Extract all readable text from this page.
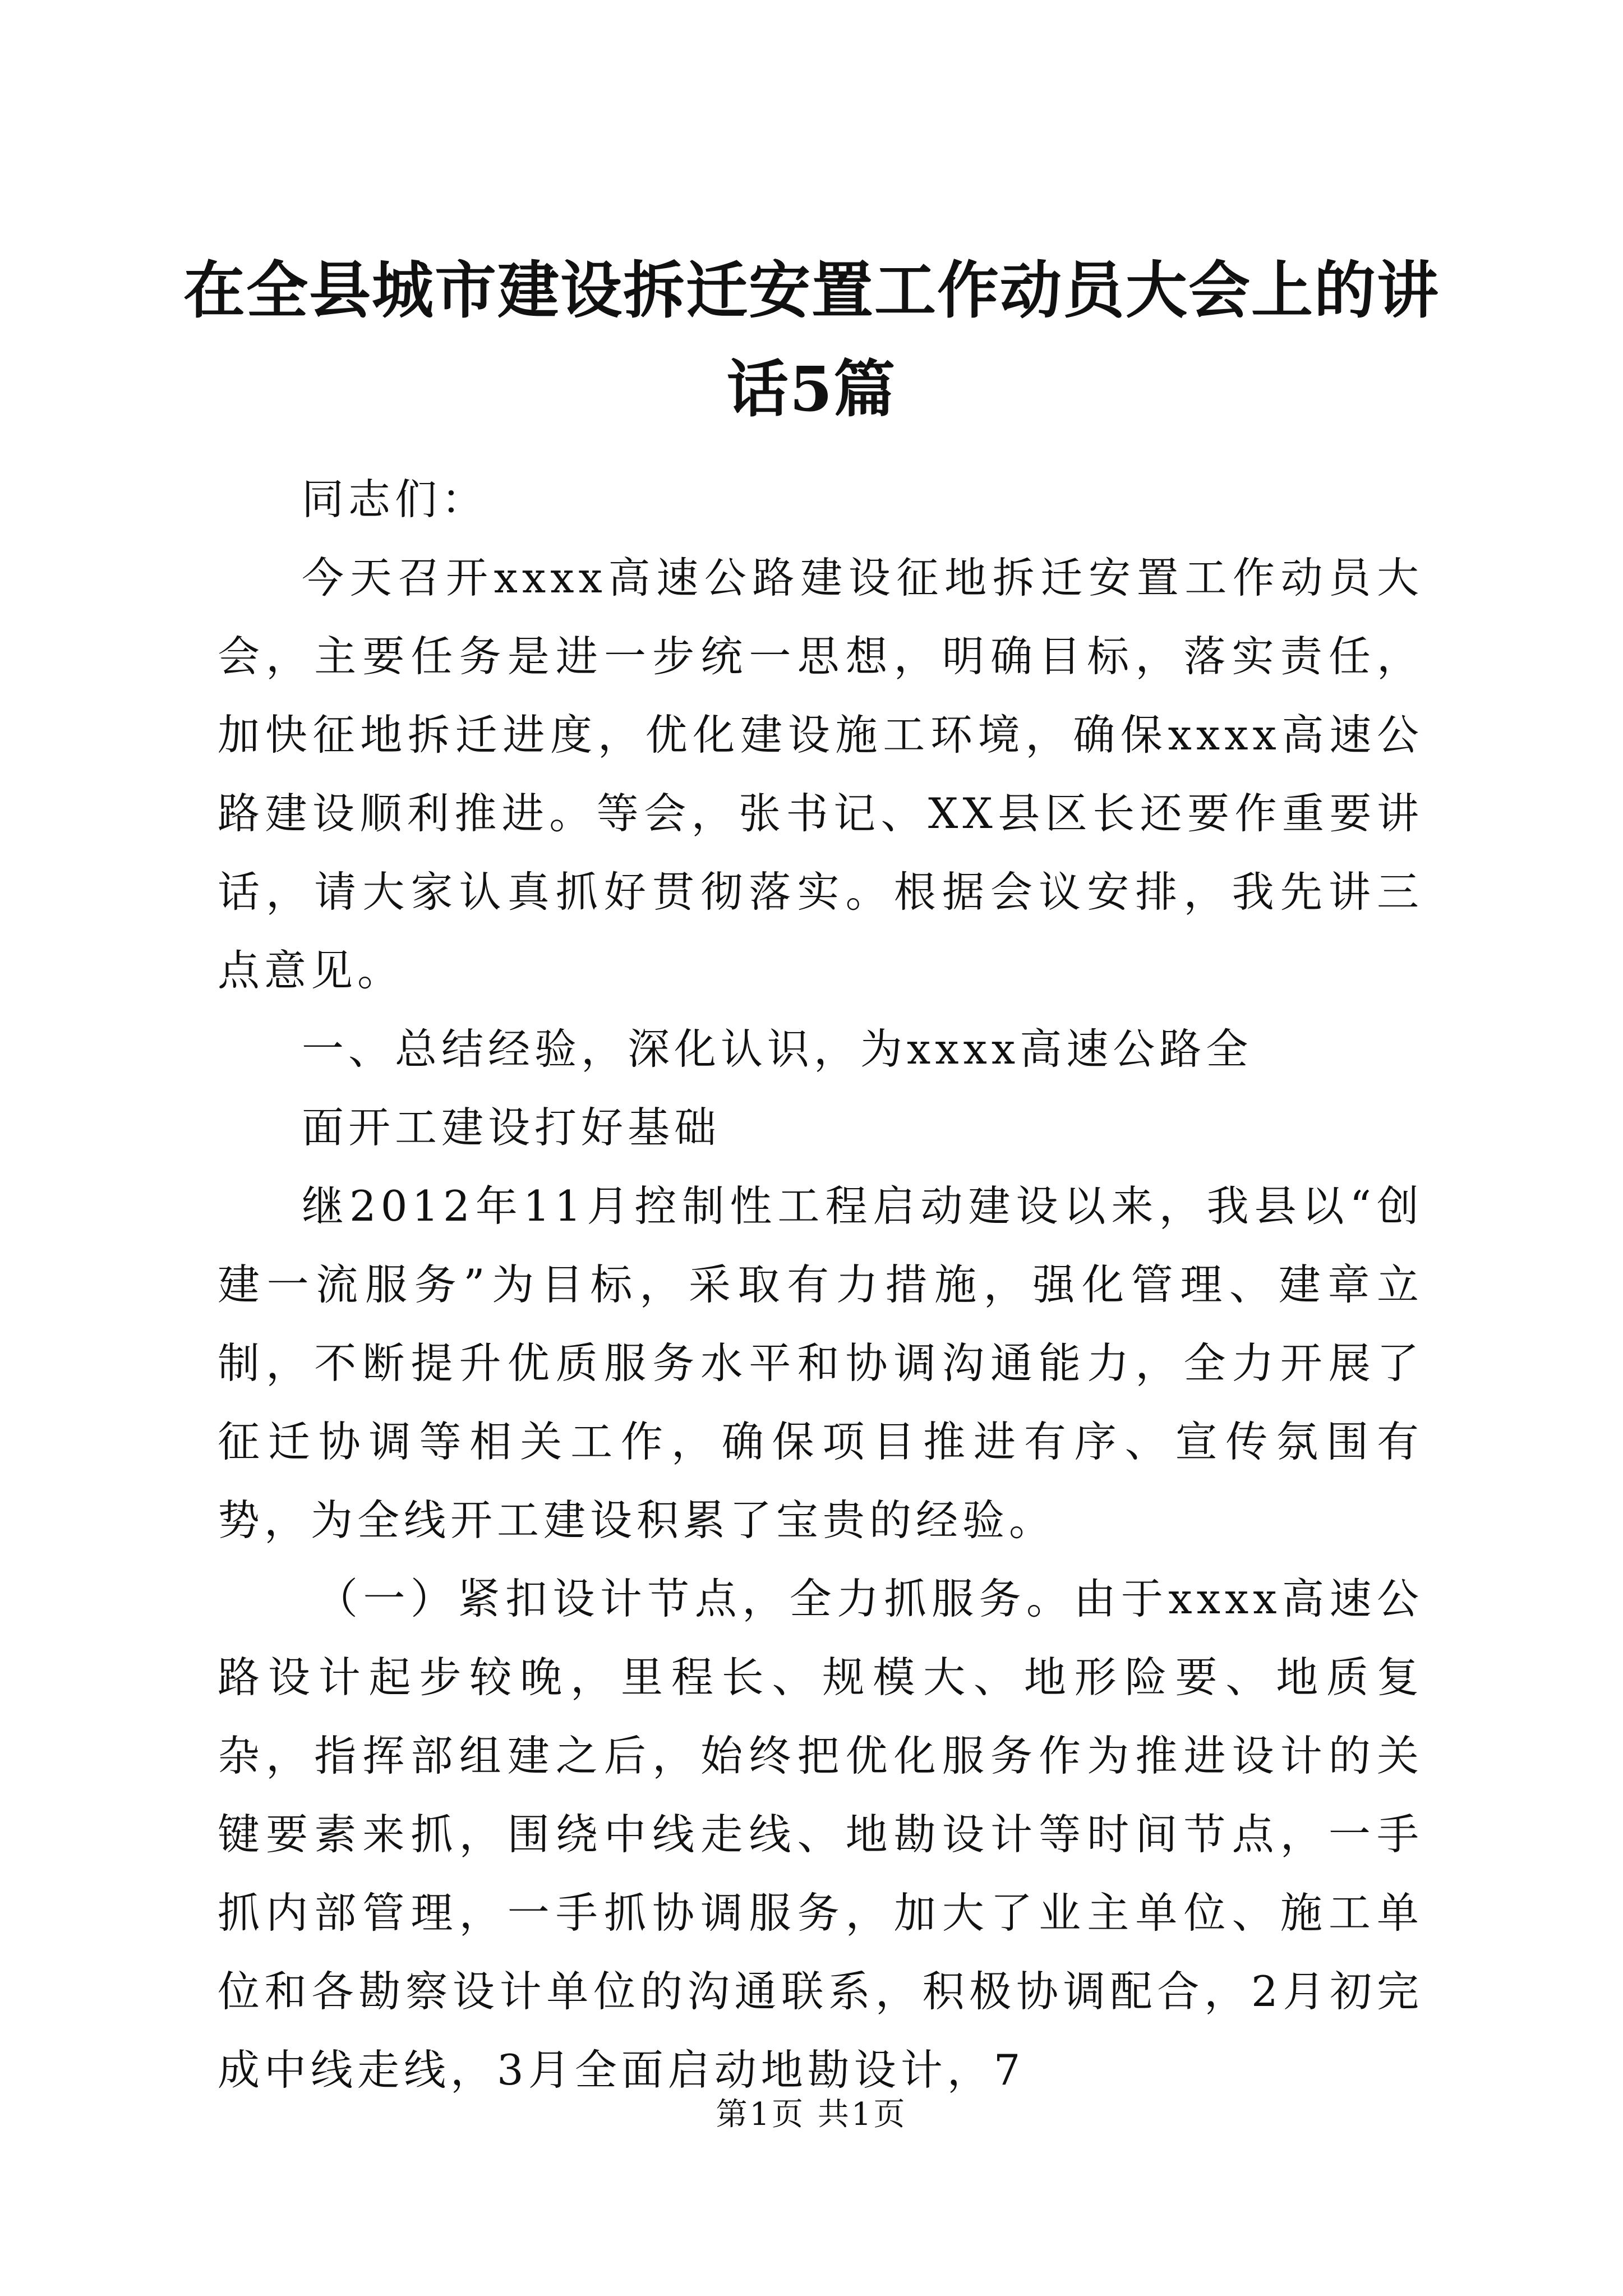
在全县城市建设拆迁安置工作动员大会上的讲
话5篇

同志们：

今天召开xxxx高速公路建设征地拆迁安置工作动员大会，主要任务是进一步统一思想，明确目标，落实责任，加快征地拆迁进度，优化建设施工环境，确保xxxx高速公路建设顺利推进。等会，张书记、XX县区长还要作重要讲话，请大家认真抓好贯彻落实。根据会议安排，我先讲三点意见。

一、总结经验，深化认识，为xxxx高速公路全

面开工建设打好基础

继2012年11月控制性工程启动建设以来，我县以“创建一流服务”为目标，采取有力措施，强化管理、建章立制，不断提升优质服务水平和协调沟通能力，全力开展了征迁协调等相关工作，确保项目推进有序、宣传氛围有势，为全线开工建设积累了宝贵的经验。

（一）紧扣设计节点，全力抓服务。由于xxxx高速公路设计起步较晚，里程长、规模大、地形险要、地质复杂，指挥部组建之后，始终把优化服务作为推进设计的关键要素来抓，围绕中线走线、地勘设计等时间节点，一手抓内部管理，一手抓协调服务，加大了业主单位、施工单位和各勘察设计单位的沟通联系，积极协调配合，2月初完成中线走线，3月全面启动地勘设计，7

第1页 共1页
